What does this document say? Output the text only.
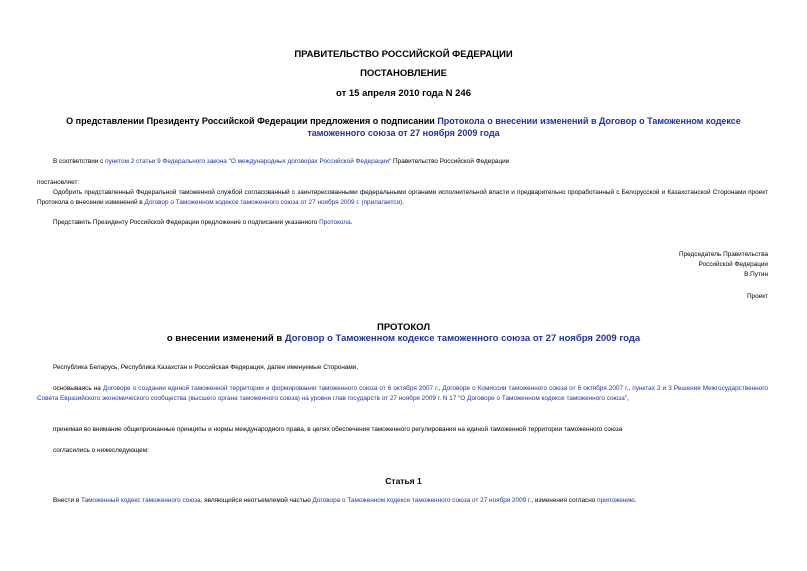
ПРАВИТЕЛЬСТВО РОССИЙСКОЙ ФЕДЕРАЦИИ
ПОСТАНОВЛЕНИЕ
от 15 апреля 2010 года N 246
О представлении Президенту Российской Федерации предложения о подписании Протокола о внесении изменений в Договор о Таможенном кодексе таможенного союза от 27 ноября 2009 года
В соответствии с пунктом 2 статьи 9 Федерального закона "О международных договорах Российской Федерации" Правительство Российской Федерации
постановляет:
Одобрить представленный Федеральной таможенной службой согласованный с заинтересованными федеральными органами исполнительной власти и предварительно проработанный с Белорусской и Казахстанской Сторонами проект Протокола о внесении изменений в Договор о Таможенном кодексе таможенного союза от 27 ноября 2009 г. (прилагается).
Представить Президенту Российской Федерации предложение о подписании указанного Протокола.
Председатель Правительства
Российской Федерации
В.Путин
Проект
ПРОТОКОЛ
о внесении изменений в Договор о Таможенном кодексе таможенного союза от 27 ноября 2009 года
Республика Беларусь, Республика Казахстан и Российская Федерация, далее именуемые Сторонами,
основываясь на Договоре о создании единой таможенной территории и формировании таможенного союза от 6 октября 2007 г., Договоре о Комиссии таможенного союза от 6 октября 2007 г., пунктах 2 и 3 Решения Межгосударственного Совета Евразийского экономического сообщества (высшего органа таможенного союза) на уровне глав государств от 27 ноября 2009 г. N 17 "О Договоре о Таможенном кодексе таможенного союза",
принимая во внимание общепризнанные принципы и нормы международного права, в целях обеспечения таможенного регулирования на единой таможенной территории таможенного союза
согласились о нижеследующем:
Статья 1
Внести в Таможенный кодекс таможенного союза, являющийся неотъемлемой частью Договора о Таможенном кодексе таможенного союза от 27 ноября 2009 г., изменения согласно приложению.
